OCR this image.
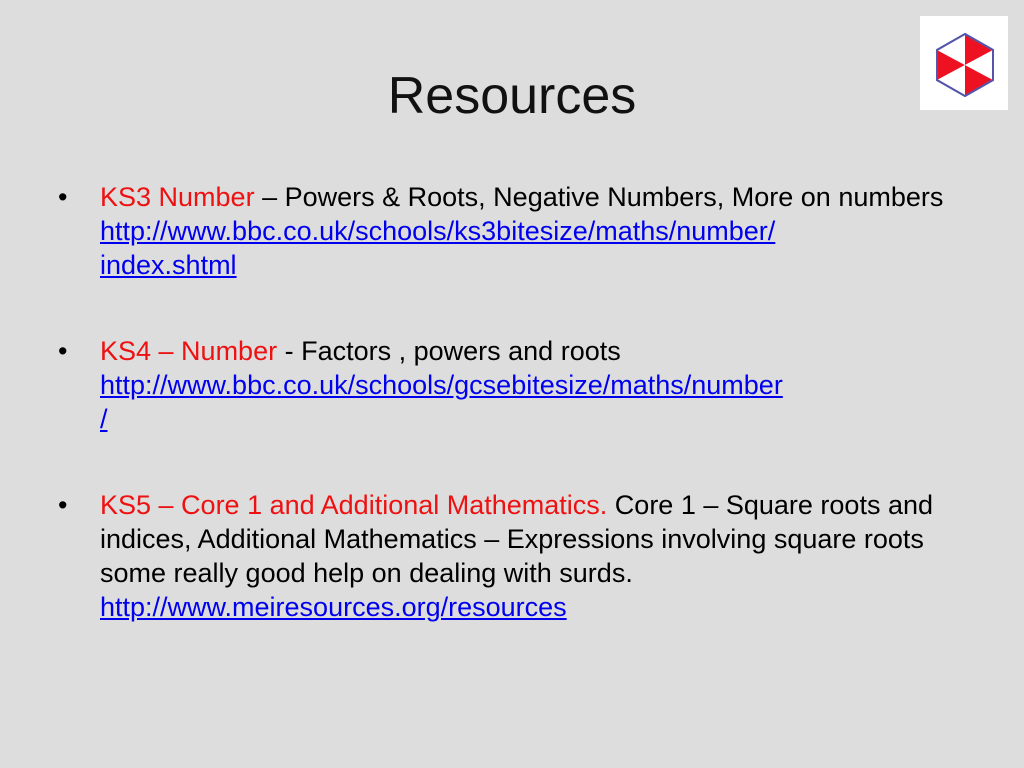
Resources
• KS3 Number – Powers & Roots, Negative Numbers, More on numbers
http://www.bbc.co.uk/schools/ks3bitesize/maths/number/
index.shtml
• KS4 – Number - Factors , powers and roots
http://www.bbc.co.uk/schools/gcsebitesize/maths/number
/
• KS5 – Core 1 and Additional Mathematics. Core 1 – Square roots and indices, Additional Mathematics – Expressions involving square roots some really good help on dealing with surds. http://www.meiresources.org/resources
